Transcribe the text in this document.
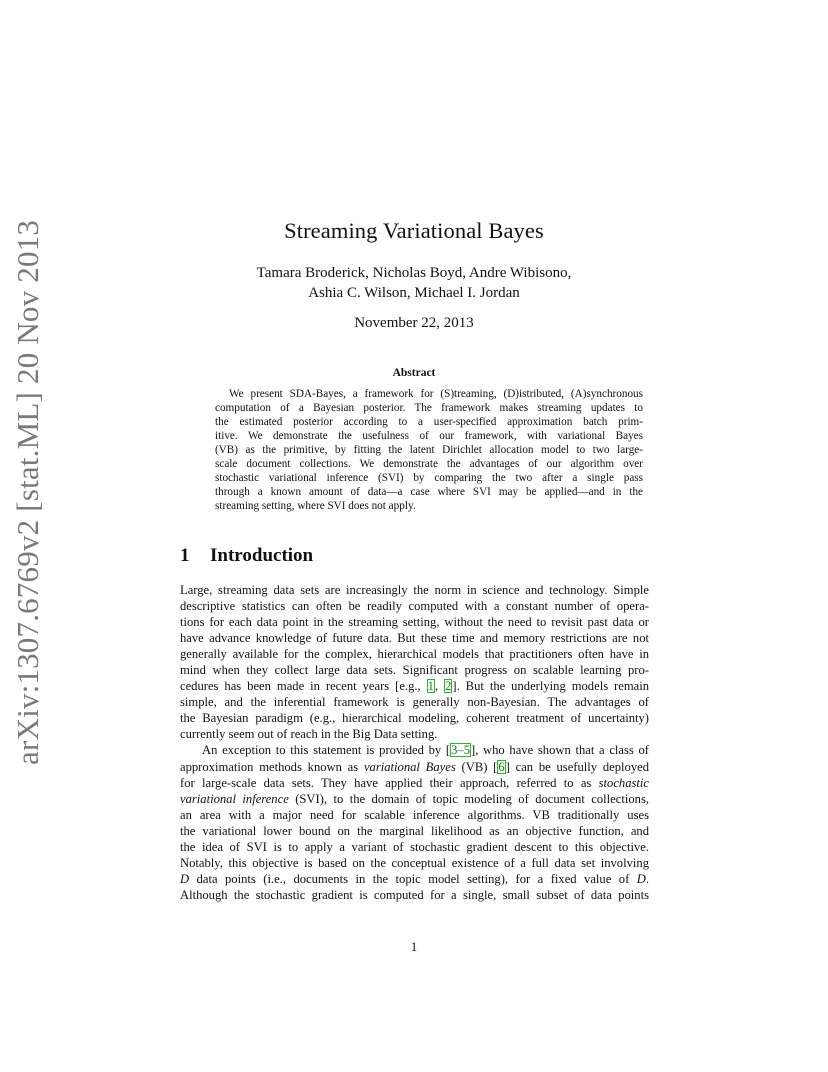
arXiv:1307.6769v2 [stat.ML] 20 Nov 2013	Streaming Variational Bayes
Tamara Broderick, Nicholas Boyd, Andre Wibisono,
Ashia C. Wilson, Michael I. Jordan
November 22, 2013
Abstract
We present SDA-Bayes, a framework for (S)treaming, (D)istributed, (A)synchronous
computation of a Bayesian posterior. The framework makes streaming updates to
the estimated posterior according to a user-specified approximation batch prim-
itive. We demonstrate the usefulness of our framework, with variational Bayes
(VB) as the primitive, by fitting the latent Dirichlet allocation model to two large-
scale document collections. We demonstrate the advantages of our algorithm over
stochastic variational inference (SVI) by comparing the two after a single pass
through a known amount of data—a case where SVI may be applied—and in the
streaming setting, where SVI does not apply.
1 Introduction
Large, streaming data sets are increasingly the norm in science and technology. Simple
descriptive statistics can often be readily computed with a constant number of opera-
tions for each data point in the streaming setting, without the need to revisit past data or
have advance knowledge of future data. But these time and memory restrictions are not
generally available for the complex, hierarchical models that practitioners often have in
mind when they collect large data sets. Significant progress on scalable learning pro-
cedures has been made in recent years [e.g., 1, 2]. But the underlying models remain
simple, and the inferential framework is generally non-Bayesian. The advantages of
the Bayesian paradigm (e.g., hierarchical modeling, coherent treatment of uncertainty)
currently seem out of reach in the Big Data setting.
An exception to this statement is provided by [3–5], who have shown that a class of
approximation methods known as variational Bayes (VB) [6] can be usefully deployed
for large-scale data sets. They have applied their approach, referred to as stochastic
variational inference (SVI), to the domain of topic modeling of document collections,
an area with a major need for scalable inference algorithms. VB traditionally uses
the variational lower bound on the marginal likelihood as an objective function, and
the idea of SVI is to apply a variant of stochastic gradient descent to this objective.
Notably, this objective is based on the conceptual existence of a full data set involving
D data points (i.e., documents in the topic model setting), for a fixed value of D.
Although the stochastic gradient is computed for a single, small subset of data points
1
